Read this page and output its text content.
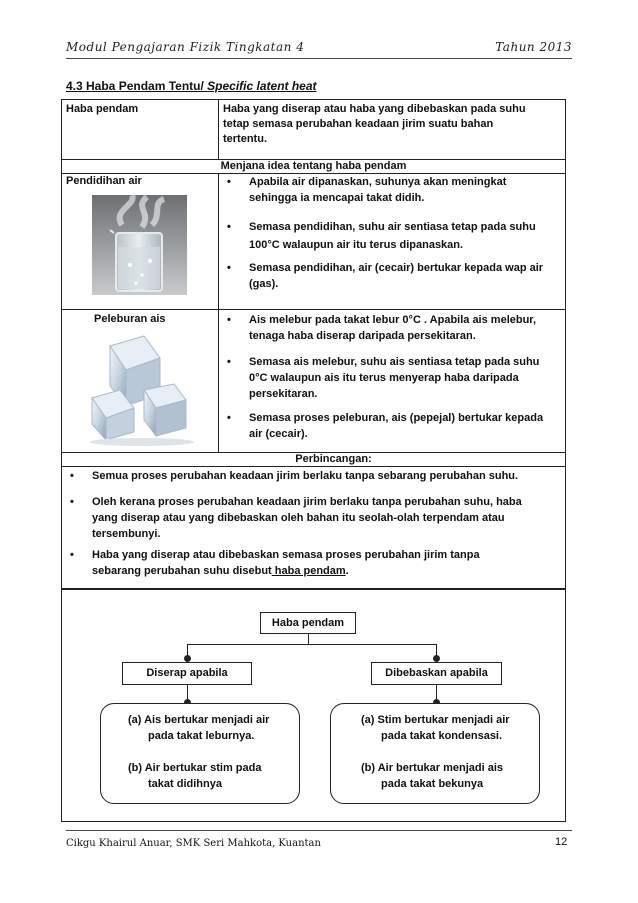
Modul Pengajaran Fizik Tingkatan 4	Tahun 2013
4.3 Haba Pendam Tentu/ Specific latent heat
Haba pendam	Haba yang diserap atau haba yang dibebaskan pada suhu
tetap semasa perubahan keadaan jirim suatu bahan
tertentu.
Menjana idea tentang haba pendam
Pendidihan air	• Apabila air dipanaskan, suhunya akan meningkat
sehingga ia mencapai takat didih.
• Semasa pendidihan, suhu air sentiasa tetap pada suhu
100°C walaupun air itu terus dipanaskan.
• Semasa pendidihan, air (cecair) bertukar kepada wap air
(gas).
Peleburan ais	• Ais melebur pada takat lebur 0°C . Apabila ais melebur,
tenaga haba diserap daripada persekitaran.
• Semasa ais melebur, suhu ais sentiasa tetap pada suhu
0°C walaupun ais itu terus menyerap haba daripada
persekitaran.
• Semasa proses peleburan, ais (pepejal) bertukar kepada
air (cecair).
Perbincangan:
• Semua proses perubahan keadaan jirim berlaku tanpa sebarang perubahan suhu.
• Oleh kerana proses perubahan keadaan jirim berlaku tanpa perubahan suhu, haba
yang diserap atau yang dibebaskan oleh bahan itu seolah-olah terpendam atau
tersembunyi.
• Haba yang diserap atau dibebaskan semasa proses perubahan jirim tanpa
sebarang perubahan suhu disebut haba pendam.
Haba pendam
Diserap apabila	Dibebaskan apabila
(a) Ais bertukar menjadi air
pada takat leburnya.
(b) Air bertukar stim pada
takat didihnya
(a) Stim bertukar menjadi air
pada takat kondensasi.
(b) Air bertukar menjadi ais
pada takat bekunya
Cikgu Khairul Anuar, SMK Seri Mahkota, Kuantan	12
